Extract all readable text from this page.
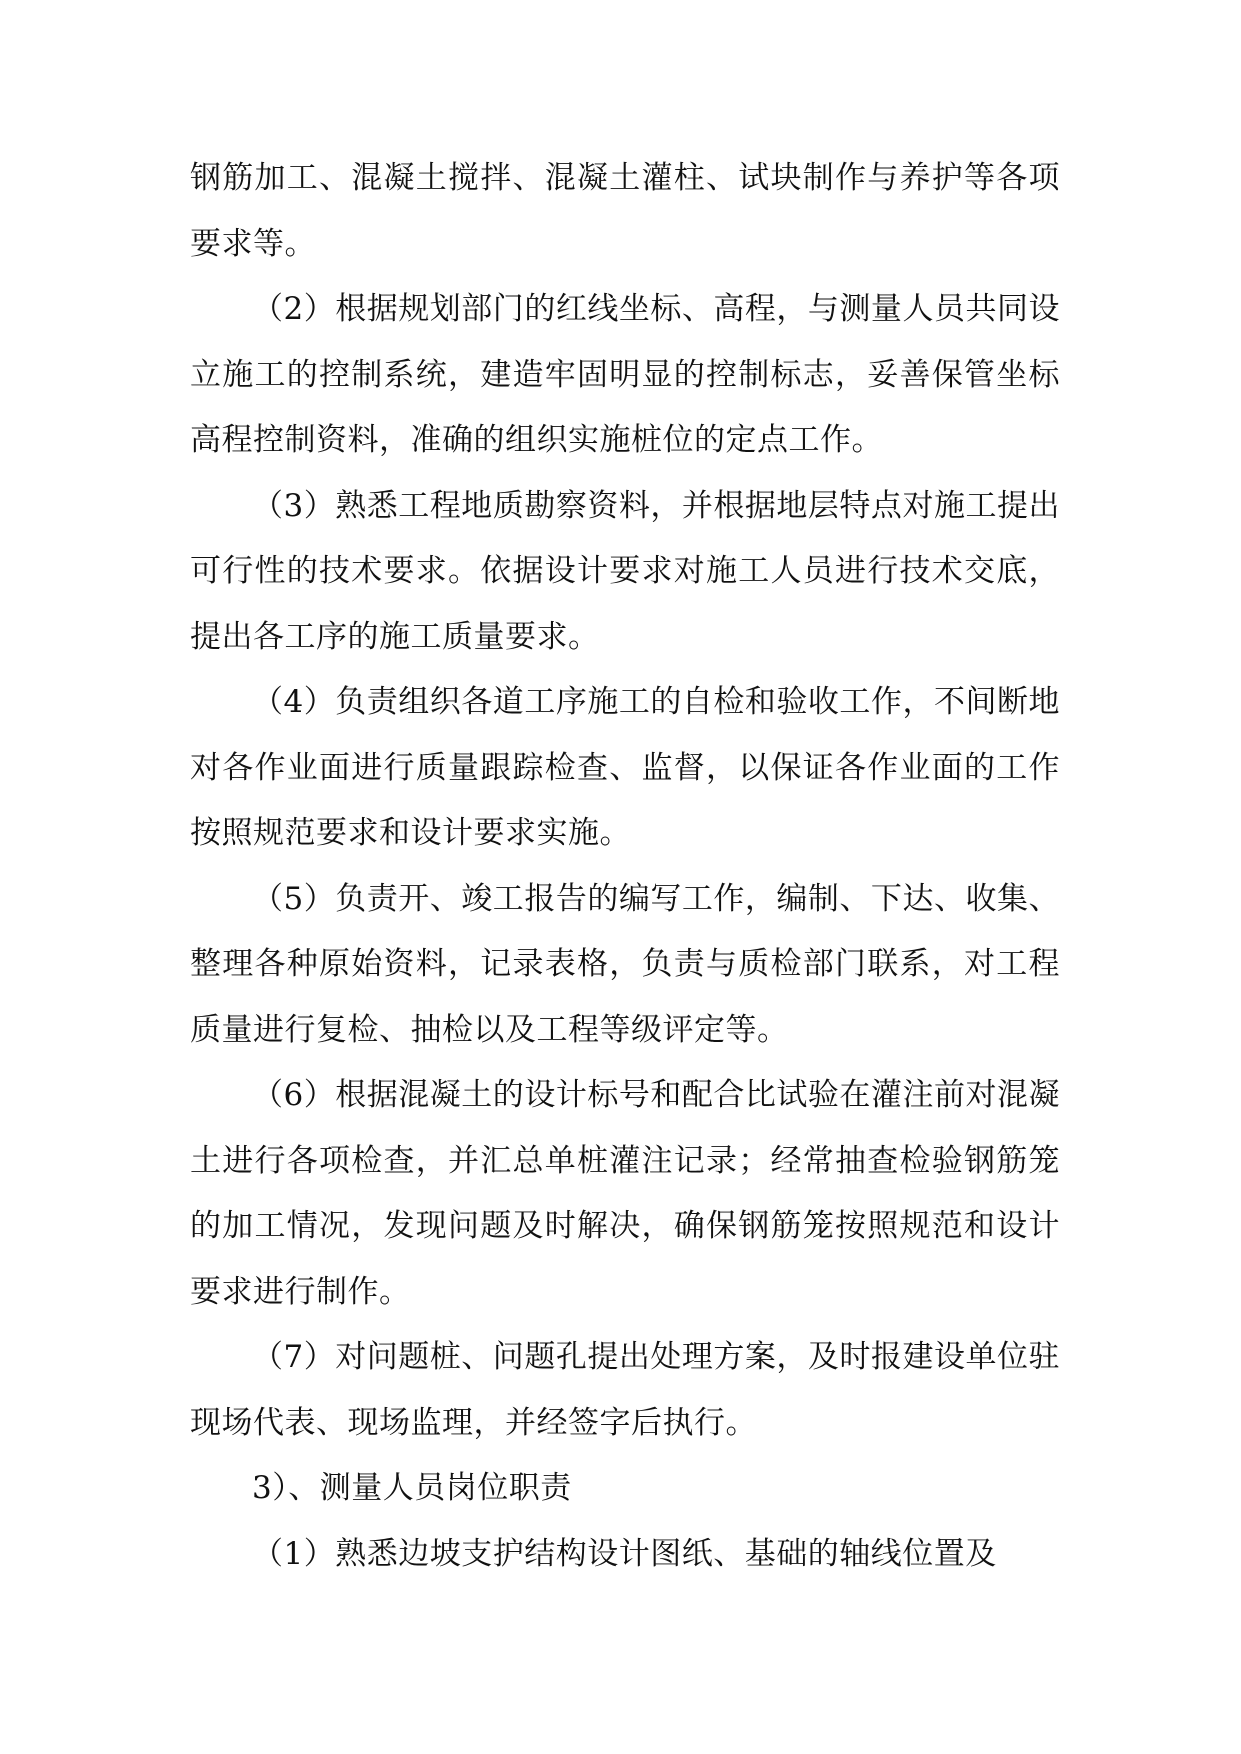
钢筋加工、混凝土搅拌、混凝土灌柱、试块制作与养护等各项要求等。

（2）根据规划部门的红线坐标、高程，与测量人员共同设立施工的控制系统，建造牢固明显的控制标志，妥善保管坐标高程控制资料，准确的组织实施桩位的定点工作。

（3）熟悉工程地质勘察资料，并根据地层特点对施工提出可行性的技术要求。依据设计要求对施工人员进行技术交底，提出各工序的施工质量要求。

（4）负责组织各道工序施工的自检和验收工作，不间断地对各作业面进行质量跟踪检查、监督，以保证各作业面的工作按照规范要求和设计要求实施。

（5）负责开、竣工报告的编写工作，编制、下达、收集、整理各种原始资料，记录表格，负责与质检部门联系，对工程质量进行复检、抽检以及工程等级评定等。

（6）根据混凝土的设计标号和配合比试验在灌注前对混凝土进行各项检查，并汇总单桩灌注记录；经常抽查检验钢筋笼的加工情况，发现问题及时解决，确保钢筋笼按照规范和设计要求进行制作。

（7）对问题桩、问题孔提出处理方案，及时报建设单位驻现场代表、现场监理，并经签字后执行。

3）、测量人员岗位职责

（1）熟悉边坡支护结构设计图纸、基础的轴线位置及
